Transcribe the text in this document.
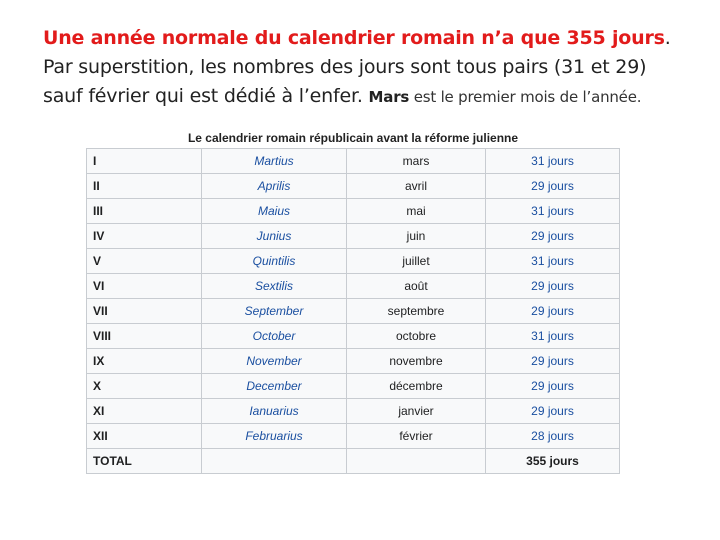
Une année normale du calendrier romain n’a que 355 jours.
Par superstition, les nombres des jours sont tous pairs (31 et 29)
sauf février qui est dédié à l’enfer. Mars est le premier mois de l’année.
Le calendrier romain républicain avant la réforme julienne
I	Martius	mars	31 jours
II	Aprilis	avril	29 jours
III	Maius	mai	31 jours
IV	Junius	juin	29 jours
V	Quintilis	juillet	31 jours
VI	Sextilis	août	29 jours
VII	September	septembre	29 jours
VIII	October	octobre	31 jours
IX	November	novembre	29 jours
X	December	décembre	29 jours
XI	Ianuarius	janvier	29 jours
XII	Februarius	février	28 jours
TOTAL			355 jours
